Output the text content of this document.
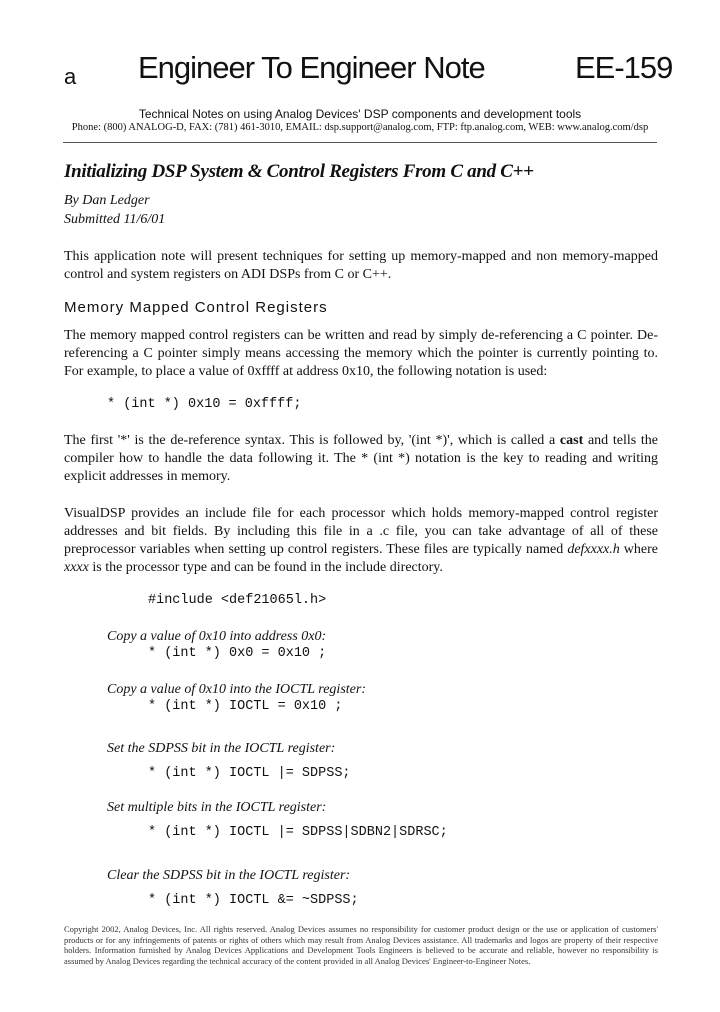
a Engineer To Engineer Note	EE-159
Technical Notes on using Analog Devices' DSP components and development tools
Phone: (800) ANALOG-D, FAX: (781) 461-3010, EMAIL: dsp.support@analog.com, FTP: ftp.analog.com, WEB: www.analog.com/dsp
Initializing DSP System & Control Registers From C and C++
By Dan Ledger
Submitted 11/6/01
This application note will present techniques for setting up memory-mapped and non memory-mapped control and system registers on ADI DSPs from C or C++.
Memory Mapped Control Registers
The memory mapped control registers can be written and read by simply de-referencing a C pointer. De-referencing a C pointer simply means accessing the memory which the pointer is currently pointing to. For example, to place a value of 0xffff at address 0x10, the following notation is used:
* (int *) 0x10 = 0xffff;
The first '*' is the de-reference syntax. This is followed by, '(int *)', which is called a cast and tells the compiler how to handle the data following it. The * (int *) notation is the key to reading and writing explicit addresses in memory.
VisualDSP provides an include file for each processor which holds memory-mapped control register addresses and bit fields. By including this file in a .c file, you can take advantage of all of these preprocessor variables when setting up control registers. These files are typically named defxxxx.h where xxxx is the processor type and can be found in the include directory.
#include <def21065l.h>
Copy a value of 0x10 into address 0x0:
* (int *) 0x0 = 0x10 ;
Copy a value of 0x10 into the IOCTL register:
* (int *) IOCTL = 0x10 ;
Set the SDPSS bit in the IOCTL register:
* (int *) IOCTL |= SDPSS;
Set multiple bits in the IOCTL register:
* (int *) IOCTL |= SDPSS|SDBN2|SDRSC;
Clear the SDPSS bit in the IOCTL register:
* (int *) IOCTL &= ~SDPSS;
Copyright 2002, Analog Devices, Inc. All rights reserved. Analog Devices assumes no responsibility for customer product design or the use or application of customers' products or for any infringements of patents or rights of others which may result from Analog Devices assistance. All trademarks and logos are property of their respective holders. Information furnished by Analog Devices Applications and Development Tools Engineers is believed to be accurate and reliable, however no responsibility is assumed by Analog Devices regarding the technical accuracy of the content provided in all Analog Devices' Engineer-to-Engineer Notes.
